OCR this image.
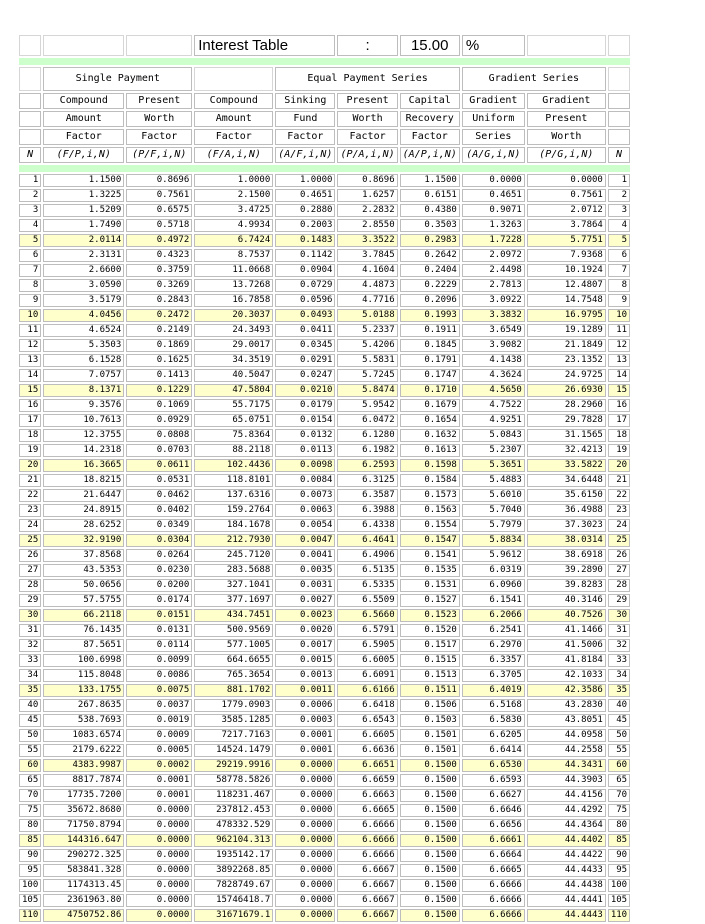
			Interest Table		:	15.00	%		

	Single Payment			Equal Payment Series			Gradient Series		
	Compound	Present	Compound	Sinking	Present	Capital	Gradient	Gradient	
	Amount	Worth	Amount	Fund	Worth	Recovery	Uniform	Present	
	Factor	Factor	Factor	Factor	Factor	Factor	Series	Worth	
N	(F/P,i,N)	(P/F,i,N)	(F/A,i,N)	(A/F,i,N)	(P/A,i,N)	(A/P,i,N)	(A/G,i,N)	(P/G,i,N)	N

1	1.1500	0.8696	1.0000	1.0000	0.8696	1.1500	0.0000	0.0000	1
2	1.3225	0.7561	2.1500	0.4651	1.6257	0.6151	0.4651	0.7561	2
3	1.5209	0.6575	3.4725	0.2880	2.2832	0.4380	0.9071	2.0712	3
4	1.7490	0.5718	4.9934	0.2003	2.8550	0.3503	1.3263	3.7864	4
5	2.0114	0.4972	6.7424	0.1483	3.3522	0.2983	1.7228	5.7751	5
6	2.3131	0.4323	8.7537	0.1142	3.7845	0.2642	2.0972	7.9368	6
7	2.6600	0.3759	11.0668	0.0904	4.1604	0.2404	2.4498	10.1924	7
8	3.0590	0.3269	13.7268	0.0729	4.4873	0.2229	2.7813	12.4807	8
9	3.5179	0.2843	16.7858	0.0596	4.7716	0.2096	3.0922	14.7548	9
10	4.0456	0.2472	20.3037	0.0493	5.0188	0.1993	3.3832	16.9795	10
11	4.6524	0.2149	24.3493	0.0411	5.2337	0.1911	3.6549	19.1289	11
12	5.3503	0.1869	29.0017	0.0345	5.4206	0.1845	3.9082	21.1849	12
13	6.1528	0.1625	34.3519	0.0291	5.5831	0.1791	4.1438	23.1352	13
14	7.0757	0.1413	40.5047	0.0247	5.7245	0.1747	4.3624	24.9725	14
15	8.1371	0.1229	47.5804	0.0210	5.8474	0.1710	4.5650	26.6930	15
16	9.3576	0.1069	55.7175	0.0179	5.9542	0.1679	4.7522	28.2960	16
17	10.7613	0.0929	65.0751	0.0154	6.0472	0.1654	4.9251	29.7828	17
18	12.3755	0.0808	75.8364	0.0132	6.1280	0.1632	5.0843	31.1565	18
19	14.2318	0.0703	88.2118	0.0113	6.1982	0.1613	5.2307	32.4213	19
20	16.3665	0.0611	102.4436	0.0098	6.2593	0.1598	5.3651	33.5822	20
21	18.8215	0.0531	118.8101	0.0084	6.3125	0.1584	5.4883	34.6448	21
22	21.6447	0.0462	137.6316	0.0073	6.3587	0.1573	5.6010	35.6150	22
23	24.8915	0.0402	159.2764	0.0063	6.3988	0.1563	5.7040	36.4988	23
24	28.6252	0.0349	184.1678	0.0054	6.4338	0.1554	5.7979	37.3023	24
25	32.9190	0.0304	212.7930	0.0047	6.4641	0.1547	5.8834	38.0314	25
26	37.8568	0.0264	245.7120	0.0041	6.4906	0.1541	5.9612	38.6918	26
27	43.5353	0.0230	283.5688	0.0035	6.5135	0.1535	6.0319	39.2890	27
28	50.0656	0.0200	327.1041	0.0031	6.5335	0.1531	6.0960	39.8283	28
29	57.5755	0.0174	377.1697	0.0027	6.5509	0.1527	6.1541	40.3146	29
30	66.2118	0.0151	434.7451	0.0023	6.5660	0.1523	6.2066	40.7526	30
31	76.1435	0.0131	500.9569	0.0020	6.5791	0.1520	6.2541	41.1466	31
32	87.5651	0.0114	577.1005	0.0017	6.5905	0.1517	6.2970	41.5006	32
33	100.6998	0.0099	664.6655	0.0015	6.6005	0.1515	6.3357	41.8184	33
34	115.8048	0.0086	765.3654	0.0013	6.6091	0.1513	6.3705	42.1033	34
35	133.1755	0.0075	881.1702	0.0011	6.6166	0.1511	6.4019	42.3586	35
40	267.8635	0.0037	1779.0903	0.0006	6.6418	0.1506	6.5168	43.2830	40
45	538.7693	0.0019	3585.1285	0.0003	6.6543	0.1503	6.5830	43.8051	45
50	1083.6574	0.0009	7217.7163	0.0001	6.6605	0.1501	6.6205	44.0958	50
55	2179.6222	0.0005	14524.1479	0.0001	6.6636	0.1501	6.6414	44.2558	55
60	4383.9987	0.0002	29219.9916	0.0000	6.6651	0.1500	6.6530	44.3431	60
65	8817.7874	0.0001	58778.5826	0.0000	6.6659	0.1500	6.6593	44.3903	65
70	17735.7200	0.0001	118231.467	0.0000	6.6663	0.1500	6.6627	44.4156	70
75	35672.8680	0.0000	237812.453	0.0000	6.6665	0.1500	6.6646	44.4292	75
80	71750.8794	0.0000	478332.529	0.0000	6.6666	0.1500	6.6656	44.4364	80
85	144316.647	0.0000	962104.313	0.0000	6.6666	0.1500	6.6661	44.4402	85
90	290272.325	0.0000	1935142.17	0.0000	6.6666	0.1500	6.6664	44.4422	90
95	583841.328	0.0000	3892268.85	0.0000	6.6667	0.1500	6.6665	44.4433	95
100	1174313.45	0.0000	7828749.67	0.0000	6.6667	0.1500	6.6666	44.4438	100
105	2361963.80	0.0000	15746418.7	0.0000	6.6667	0.1500	6.6666	44.4441	105
110	4750752.86	0.0000	31671679.1	0.0000	6.6667	0.1500	6.6666	44.4443	110
